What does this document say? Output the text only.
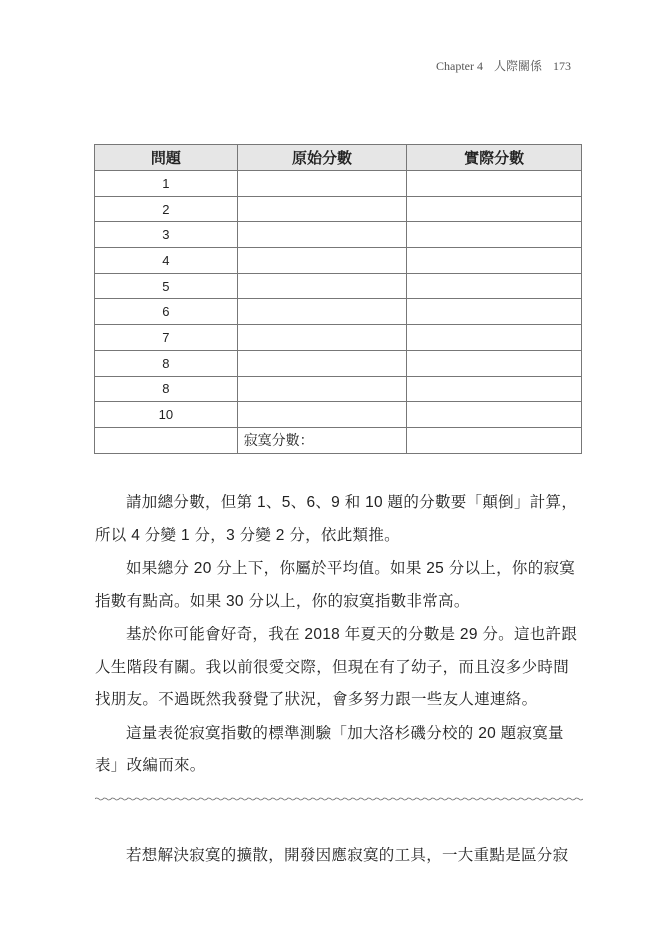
Chapter 4 人際關係 173
問題	原始分數	實際分數
1		
2		
3		
4		
5		
6		
7		
8		
8		
10		
	寂寞分數：	

請加總分數，但第 1、5、6、9 和 10 題的分數要「顛倒」計算，
所以 4 分變 1 分，3 分變 2 分，依此類推。

如果總分 20 分上下，你屬於平均值。如果 25 分以上，你的寂寞
指數有點高。如果 30 分以上，你的寂寞指數非常高。

基於你可能會好奇，我在 2018 年夏天的分數是 29 分。這也許跟
人生階段有關。我以前很愛交際，但現在有了幼子，而且沒多少時間
找朋友。不過既然我發覺了狀況，會多努力跟一些友人連連絡。

這量表從寂寞指數的標準測驗「加大洛杉磯分校的 20 題寂寞量
表」改編而來。

若想解決寂寞的擴散，開發因應寂寞的工具，一大重點是區分寂
